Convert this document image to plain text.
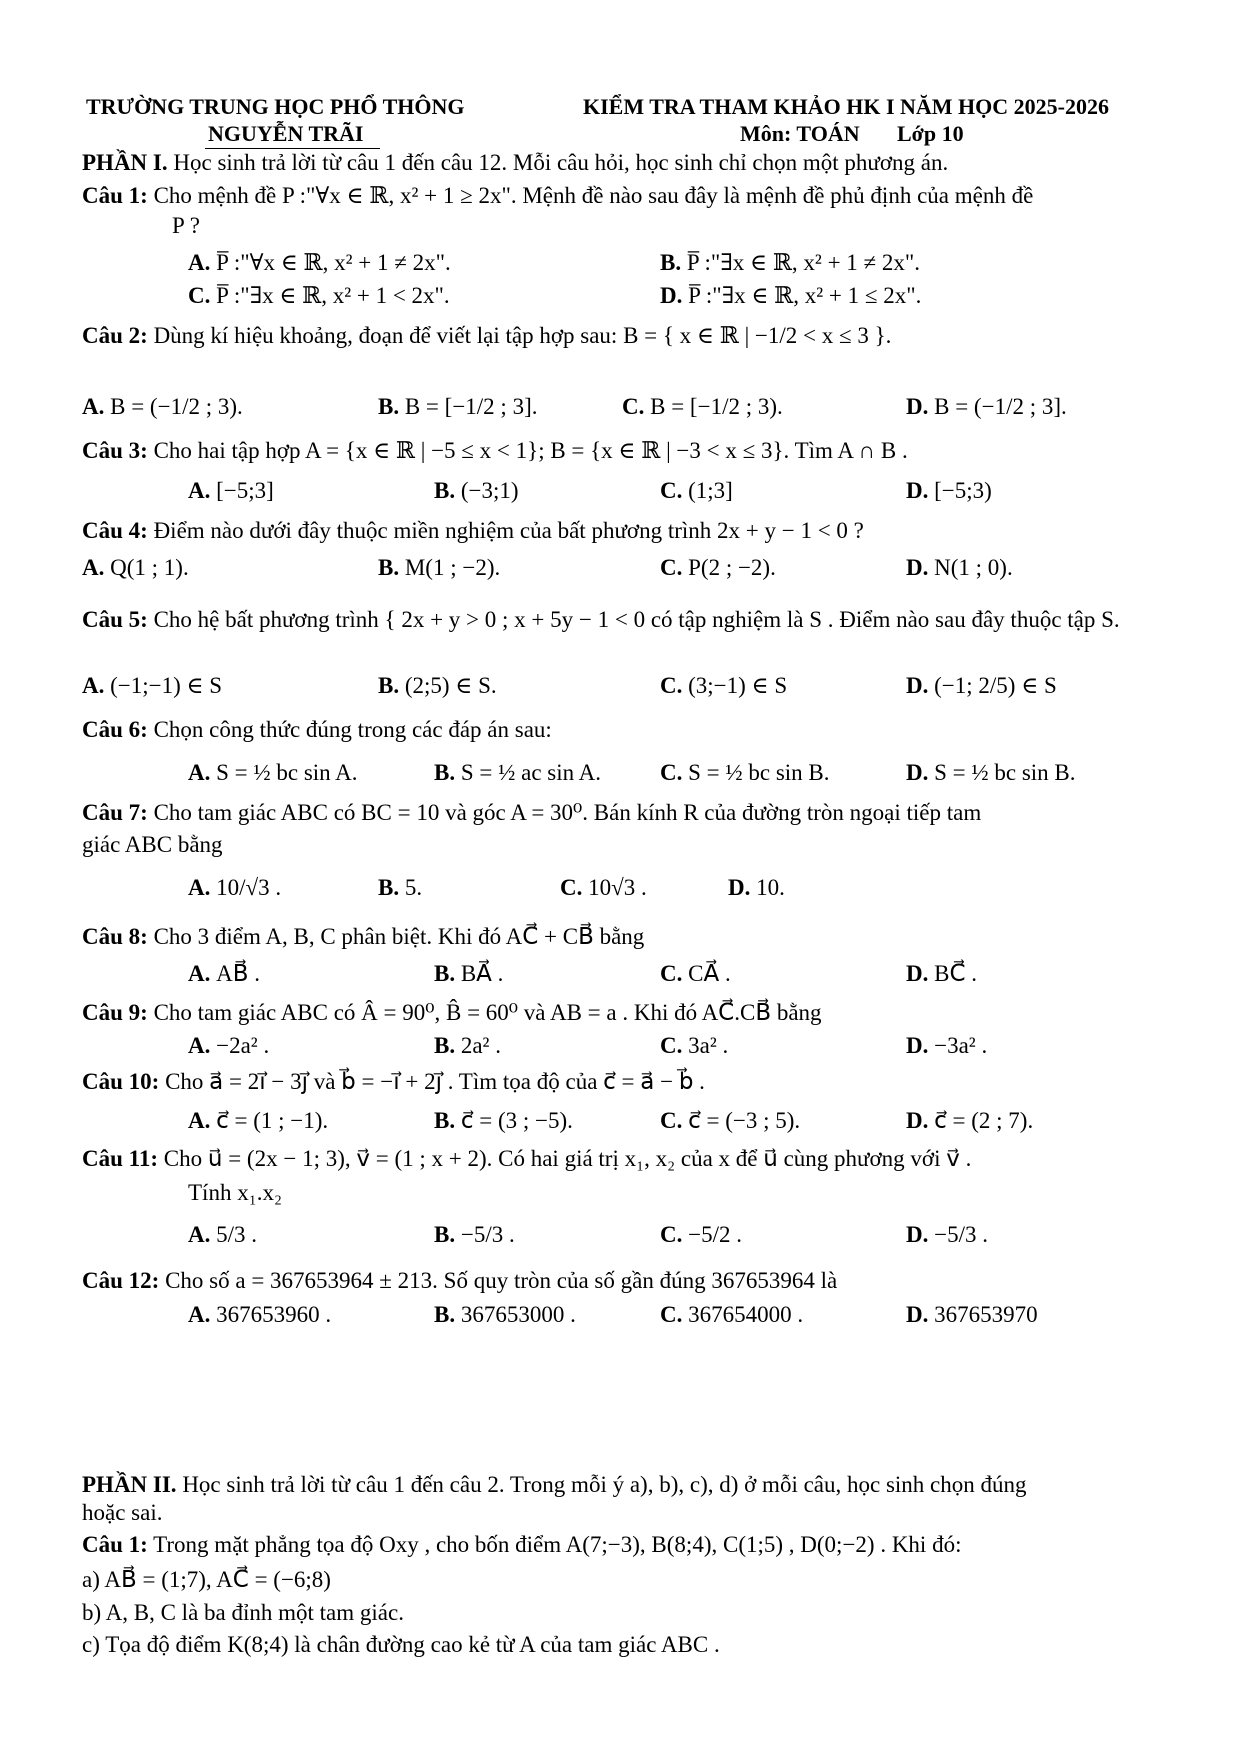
TRƯỜNG TRUNG HỌC PHỔ THÔNG
NGUYỄN TRÃI
KIỂM TRA THAM KHẢO HK I NĂM HỌC 2025-2026
Môn: TOÁN Lớp 10
PHẦN I. Học sinh trả lời từ câu 1 đến câu 12. Mỗi câu hỏi, học sinh chỉ chọn một phương án.
Câu 1: Cho mệnh đề P :"∀x ∈ ℝ, x² + 1 ≥ 2x". Mệnh đề nào sau đây là mệnh đề phủ định của mệnh đề
P ?
A. P̅ :"∀x ∈ ℝ, x² + 1 ≠ 2x".	B. P̅ :"∃x ∈ ℝ, x² + 1 ≠ 2x".
C. P̅ :"∃x ∈ ℝ, x² + 1 < 2x".	D. P̅ :"∃x ∈ ℝ, x² + 1 ≤ 2x".
Câu 2: Dùng kí hiệu khoảng, đoạn để viết lại tập hợp sau: B = { x ∈ ℝ | −1/2 < x ≤ 3 }.
A. B = (−1/2 ; 3).	B. B = [−1/2 ; 3].	C. B = [−1/2 ; 3).	D. B = (−1/2 ; 3].
Câu 3: Cho hai tập hợp A = {x ∈ ℝ | −5 ≤ x < 1}; B = {x ∈ ℝ | −3 < x ≤ 3}. Tìm A ∩ B .
A. [−5;3]	B. (−3;1)	C. (1;3]	D. [−5;3)
Câu 4: Điểm nào dưới đây thuộc miền nghiệm của bất phương trình 2x + y − 1 < 0 ?
A. Q(1 ; 1).	B. M(1 ; −2).	C. P(2 ; −2).	D. N(1 ; 0).
Câu 5: Cho hệ bất phương trình { 2x + y > 0 ; x + 5y − 1 < 0 có tập nghiệm là S . Điểm nào sau đây thuộc tập S.
A. (−1;−1) ∈ S	B. (2;5) ∈ S.	C. (3;−1) ∈ S	D. (−1; 2/5) ∈ S
Câu 6: Chọn công thức đúng trong các đáp án sau:
A. S = ½ bc sin A.	B. S = ½ ac sin A.	C. S = ½ bc sin B.	D. S = ½ bc sin B.
Câu 7: Cho tam giác ABC có BC = 10 và góc A = 30⁰. Bán kính R của đường tròn ngoại tiếp tam
giác ABC bằng
A. 10/√3 .	B. 5.	C. 10√3 .	D. 10.
Câu 8: Cho 3 điểm A, B, C phân biệt. Khi đó AC⃗ + CB⃗ bằng
A. AB⃗ .	B. BA⃗ .	C. CA⃗ .	D. BC⃗ .
Câu 9: Cho tam giác ABC có Â = 90⁰, B̂ = 60⁰ và AB = a . Khi đó AC⃗.CB⃗ bằng
A. −2a² .	B. 2a² .	C. 3a² .	D. −3a² .
Câu 10: Cho a⃗ = 2i⃗ − 3j⃗ và b⃗ = −i⃗ + 2j⃗ . Tìm tọa độ của c⃗ = a⃗ − b⃗ .
A. c⃗ = (1 ; −1).	B. c⃗ = (3 ; −5).	C. c⃗ = (−3 ; 5).	D. c⃗ = (2 ; 7).
Câu 11: Cho u⃗ = (2x − 1; 3), v⃗ = (1 ; x + 2). Có hai giá trị x₁, x₂ của x để u⃗ cùng phương với v⃗ .
Tính x₁.x₂
A. 5/3 .	B. −5/3 .	C. −5/2 .	D. −5/3 .
Câu 12: Cho số a = 367653964 ± 213. Số quy tròn của số gần đúng 367653964 là
A. 367653960 .	B. 367653000 .	C. 367654000 .	D. 367653970
PHẦN II. Học sinh trả lời từ câu 1 đến câu 2. Trong mỗi ý a), b), c), d) ở mỗi câu, học sinh chọn đúng
hoặc sai.
Câu 1: Trong mặt phẳng tọa độ Oxy , cho bốn điểm A(7;−3), B(8;4), C(1;5) , D(0;−2) . Khi đó:
a) AB⃗ = (1;7), AC⃗ = (−6;8)
b) A, B, C là ba đỉnh một tam giác.
c) Tọa độ điểm K(8;4) là chân đường cao kẻ từ A của tam giác ABC .
